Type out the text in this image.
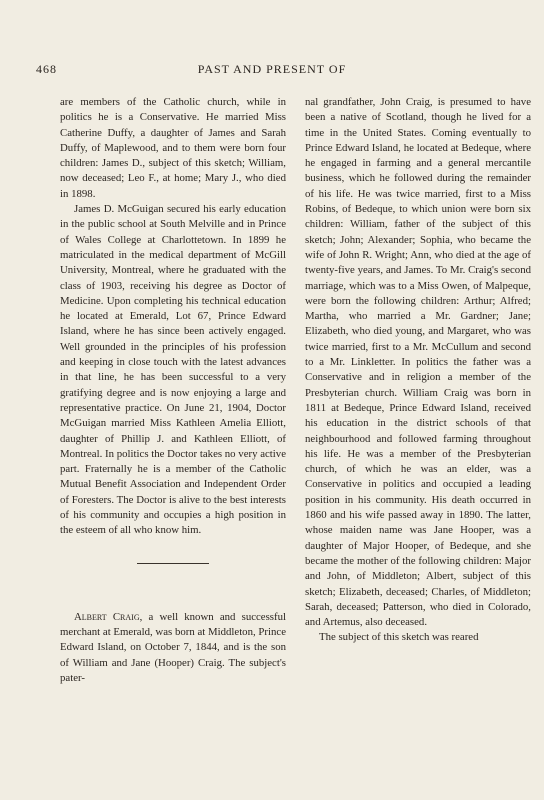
468	PAST AND PRESENT OF

are members of the Catholic church, while in politics he is a Conservative. He married Miss Catherine Duffy, a daughter of James and Sarah Duffy, of Maplewood, and to them were born four children: James D., subject of this sketch; William, now deceased; Leo F., at home; Mary J., who died in 1898.

James D. McGuigan secured his early education in the public school at South Melville and in Prince of Wales College at Charlottetown. In 1899 he matriculated in the medical department of McGill University, Montreal, where he graduated with the class of 1903, receiving his degree as Doctor of Medicine. Upon completing his technical education he located at Emerald, Lot 67, Prince Edward Island, where he has since been actively engaged. Well grounded in the principles of his profession and keeping in close touch with the latest advances in that line, he has been successful to a very gratifying degree and is now enjoying a large and representative practice. On June 21, 1904, Doctor McGuigan married Miss Kathleen Amelia Elliott, daughter of Phillip J. and Kathleen Elliott, of Montreal. In politics the Doctor takes no very active part. Fraternally he is a member of the Catholic Mutual Benefit Association and Independent Order of Foresters. The Doctor is alive to the best interests of his community and occupies a high position in the esteem of all who know him.

Albert Craig, a well known and successful merchant at Emerald, was born at Middleton, Prince Edward Island, on October 7, 1844, and is the son of William and Jane (Hooper) Craig. The subject's pater-

nal grandfather, John Craig, is presumed to have been a native of Scotland, though he lived for a time in the United States. Coming eventually to Prince Edward Island, he located at Bedeque, where he engaged in farming and a general mercantile business, which he followed during the remainder of his life. He was twice married, first to a Miss Robins, of Bedeque, to which union were born six children: William, father of the subject of this sketch; John; Alexander; Sophia, who became the wife of John R. Wright; Ann, who died at the age of twenty-five years, and James. To Mr. Craig's second marriage, which was to a Miss Owen, of Malpeque, were born the following children: Arthur; Alfred; Martha, who married a Mr. Gardner; Jane; Elizabeth, who died young, and Margaret, who was twice married, first to a Mr. McCullum and second to a Mr. Linkletter. In politics the father was a Conservative and in religion a member of the Presbyterian church. William Craig was born in 1811 at Bedeque, Prince Edward Island, received his education in the district schools of that neighbourhood and followed farming throughout his life. He was a member of the Presbyterian church, of which he was an elder, was a Conservative in politics and occupied a leading position in his community. His death occurred in 1860 and his wife passed away in 1890. The latter, whose maiden name was Jane Hooper, was a daughter of Major Hooper, of Bedeque, and she became the mother of the following children: Major and John, of Middleton; Albert, subject of this sketch; Elizabeth, deceased; Charles, of Middleton; Sarah, deceased; Patterson, who died in Colorado, and Artemus, also deceased.

The subject of this sketch was reared
